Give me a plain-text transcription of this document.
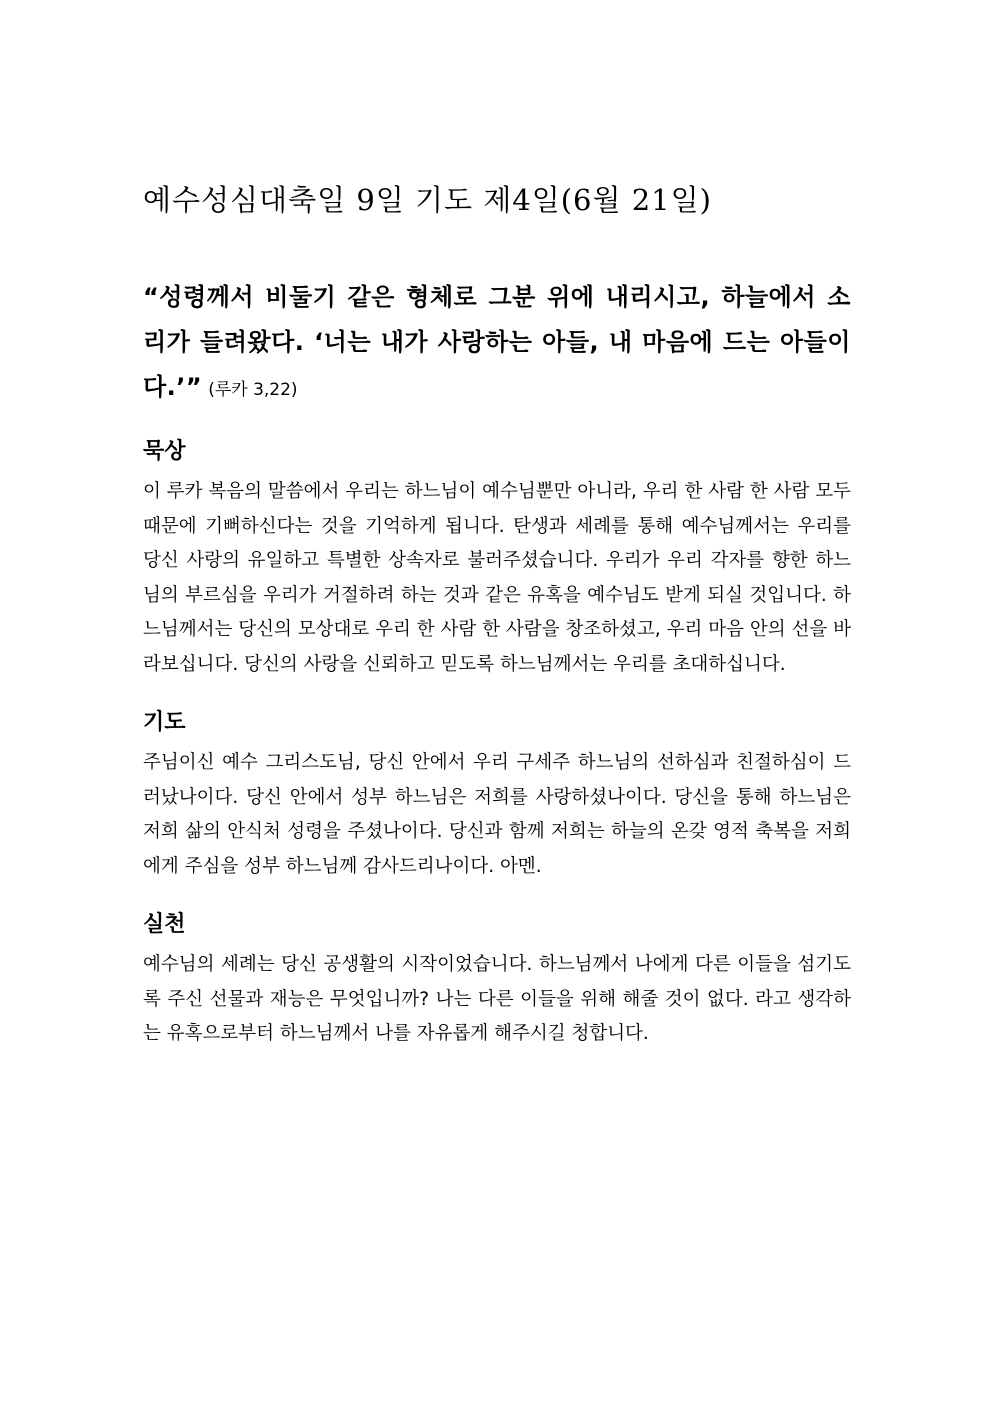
예수성심대축일 9일 기도 제4일(6월 21일)
“성령께서 비둘기 같은 형체로 그분 위에 내리시고, 하늘에서 소리가 들려왔다. ‘너는 내가 사랑하는 아들, 내 마음에 드는 아들이다.’” (루카 3,22)
묵상

이 루카 복음의 말씀에서 우리는 하느님이 예수님뿐만 아니라, 우리 한 사람 한 사람 모두 때문에 기뻐하신다는 것을 기억하게 됩니다. 탄생과 세례를 통해 예수님께서는 우리를 당신 사랑의 유일하고 특별한 상속자로 불러주셨습니다. 우리가 우리 각자를 향한 하느님의 부르심을 우리가 거절하려 하는 것과 같은 유혹을 예수님도 받게 되실 것입니다. 하느님께서는 당신의 모상대로 우리 한 사람 한 사람을 창조하셨고, 우리 마음 안의 선을 바라보십니다. 당신의 사랑을 신뢰하고 믿도록 하느님께서는 우리를 초대하십니다.

기도

주님이신 예수 그리스도님, 당신 안에서 우리 구세주 하느님의 선하심과 친절하심이 드러났나이다. 당신 안에서 성부 하느님은 저희를 사랑하셨나이다. 당신을 통해 하느님은 저희 삶의 안식처 성령을 주셨나이다. 당신과 함께 저희는 하늘의 온갖 영적 축복을 저희에게 주심을 성부 하느님께 감사드리나이다. 아멘.

실천

예수님의 세례는 당신 공생활의 시작이었습니다. 하느님께서 나에게 다른 이들을 섬기도록 주신 선물과 재능은 무엇입니까? 나는 다른 이들을 위해 해줄 것이 없다. 라고 생각하는 유혹으로부터 하느님께서 나를 자유롭게 해주시길 청합니다.
